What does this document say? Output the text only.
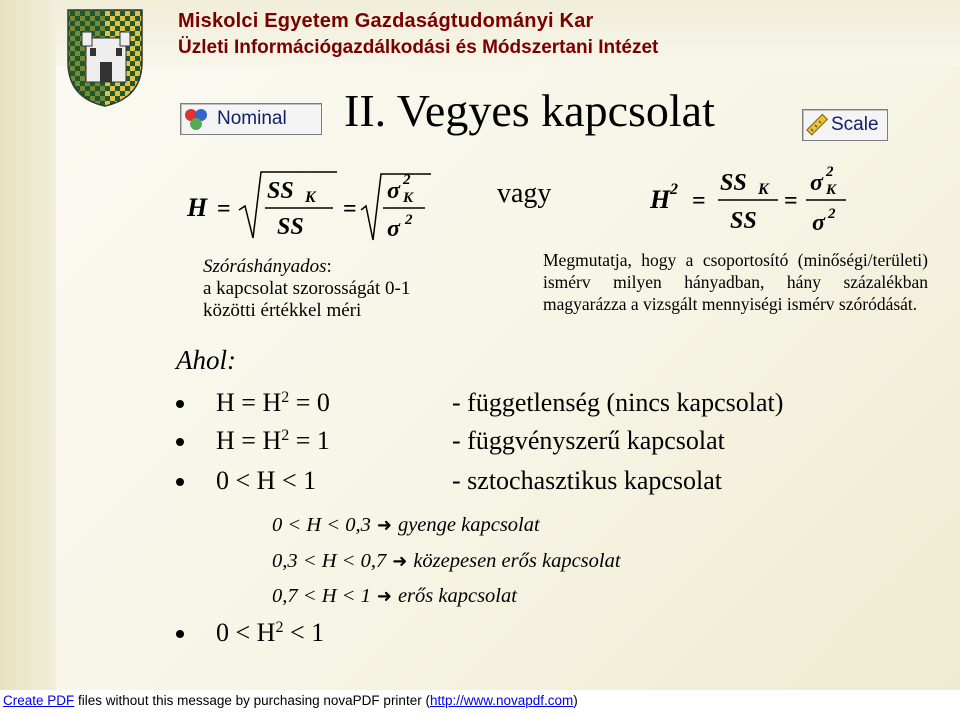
Miskolci Egyetem Gazdaságtudományi Kar
Üzleti Információgazdálkodási és Módszertani Intézet
II. Vegyes kapcsolat
Nominal	Scale
H =
SS K
SS
=
σ 2
K
σ 2
vagy	H 2 =
SS K
SS
=
σ 2
K
σ 2
Szóráshányados:
a kapcsolat szorosságát 0-1
közötti értékkel méri
Megmutatja, hogy a csoportosító (minőségi/területi) ismérv milyen hányadban, hány százalékban magyarázza a vizsgált mennyiségi ismérv szóródását.
Ahol:
$H = H^2 = 0$	- függetlenség (nincs kapcsolat)
$H = H^2 = 1$	- függvényszerű kapcsolat
0 < H < 1	- sztochasztikus kapcsolat
0 < H < 0,3 ➜ gyenge kapcsolat
0,3 < H < 0,7 ➜ közepesen erős kapcsolat
0,7 < H < 1 ➜ erős kapcsolat
$0 < H^2 < 1$
Create PDF files without this message by purchasing novaPDF printer (http://www.novapdf.com)
